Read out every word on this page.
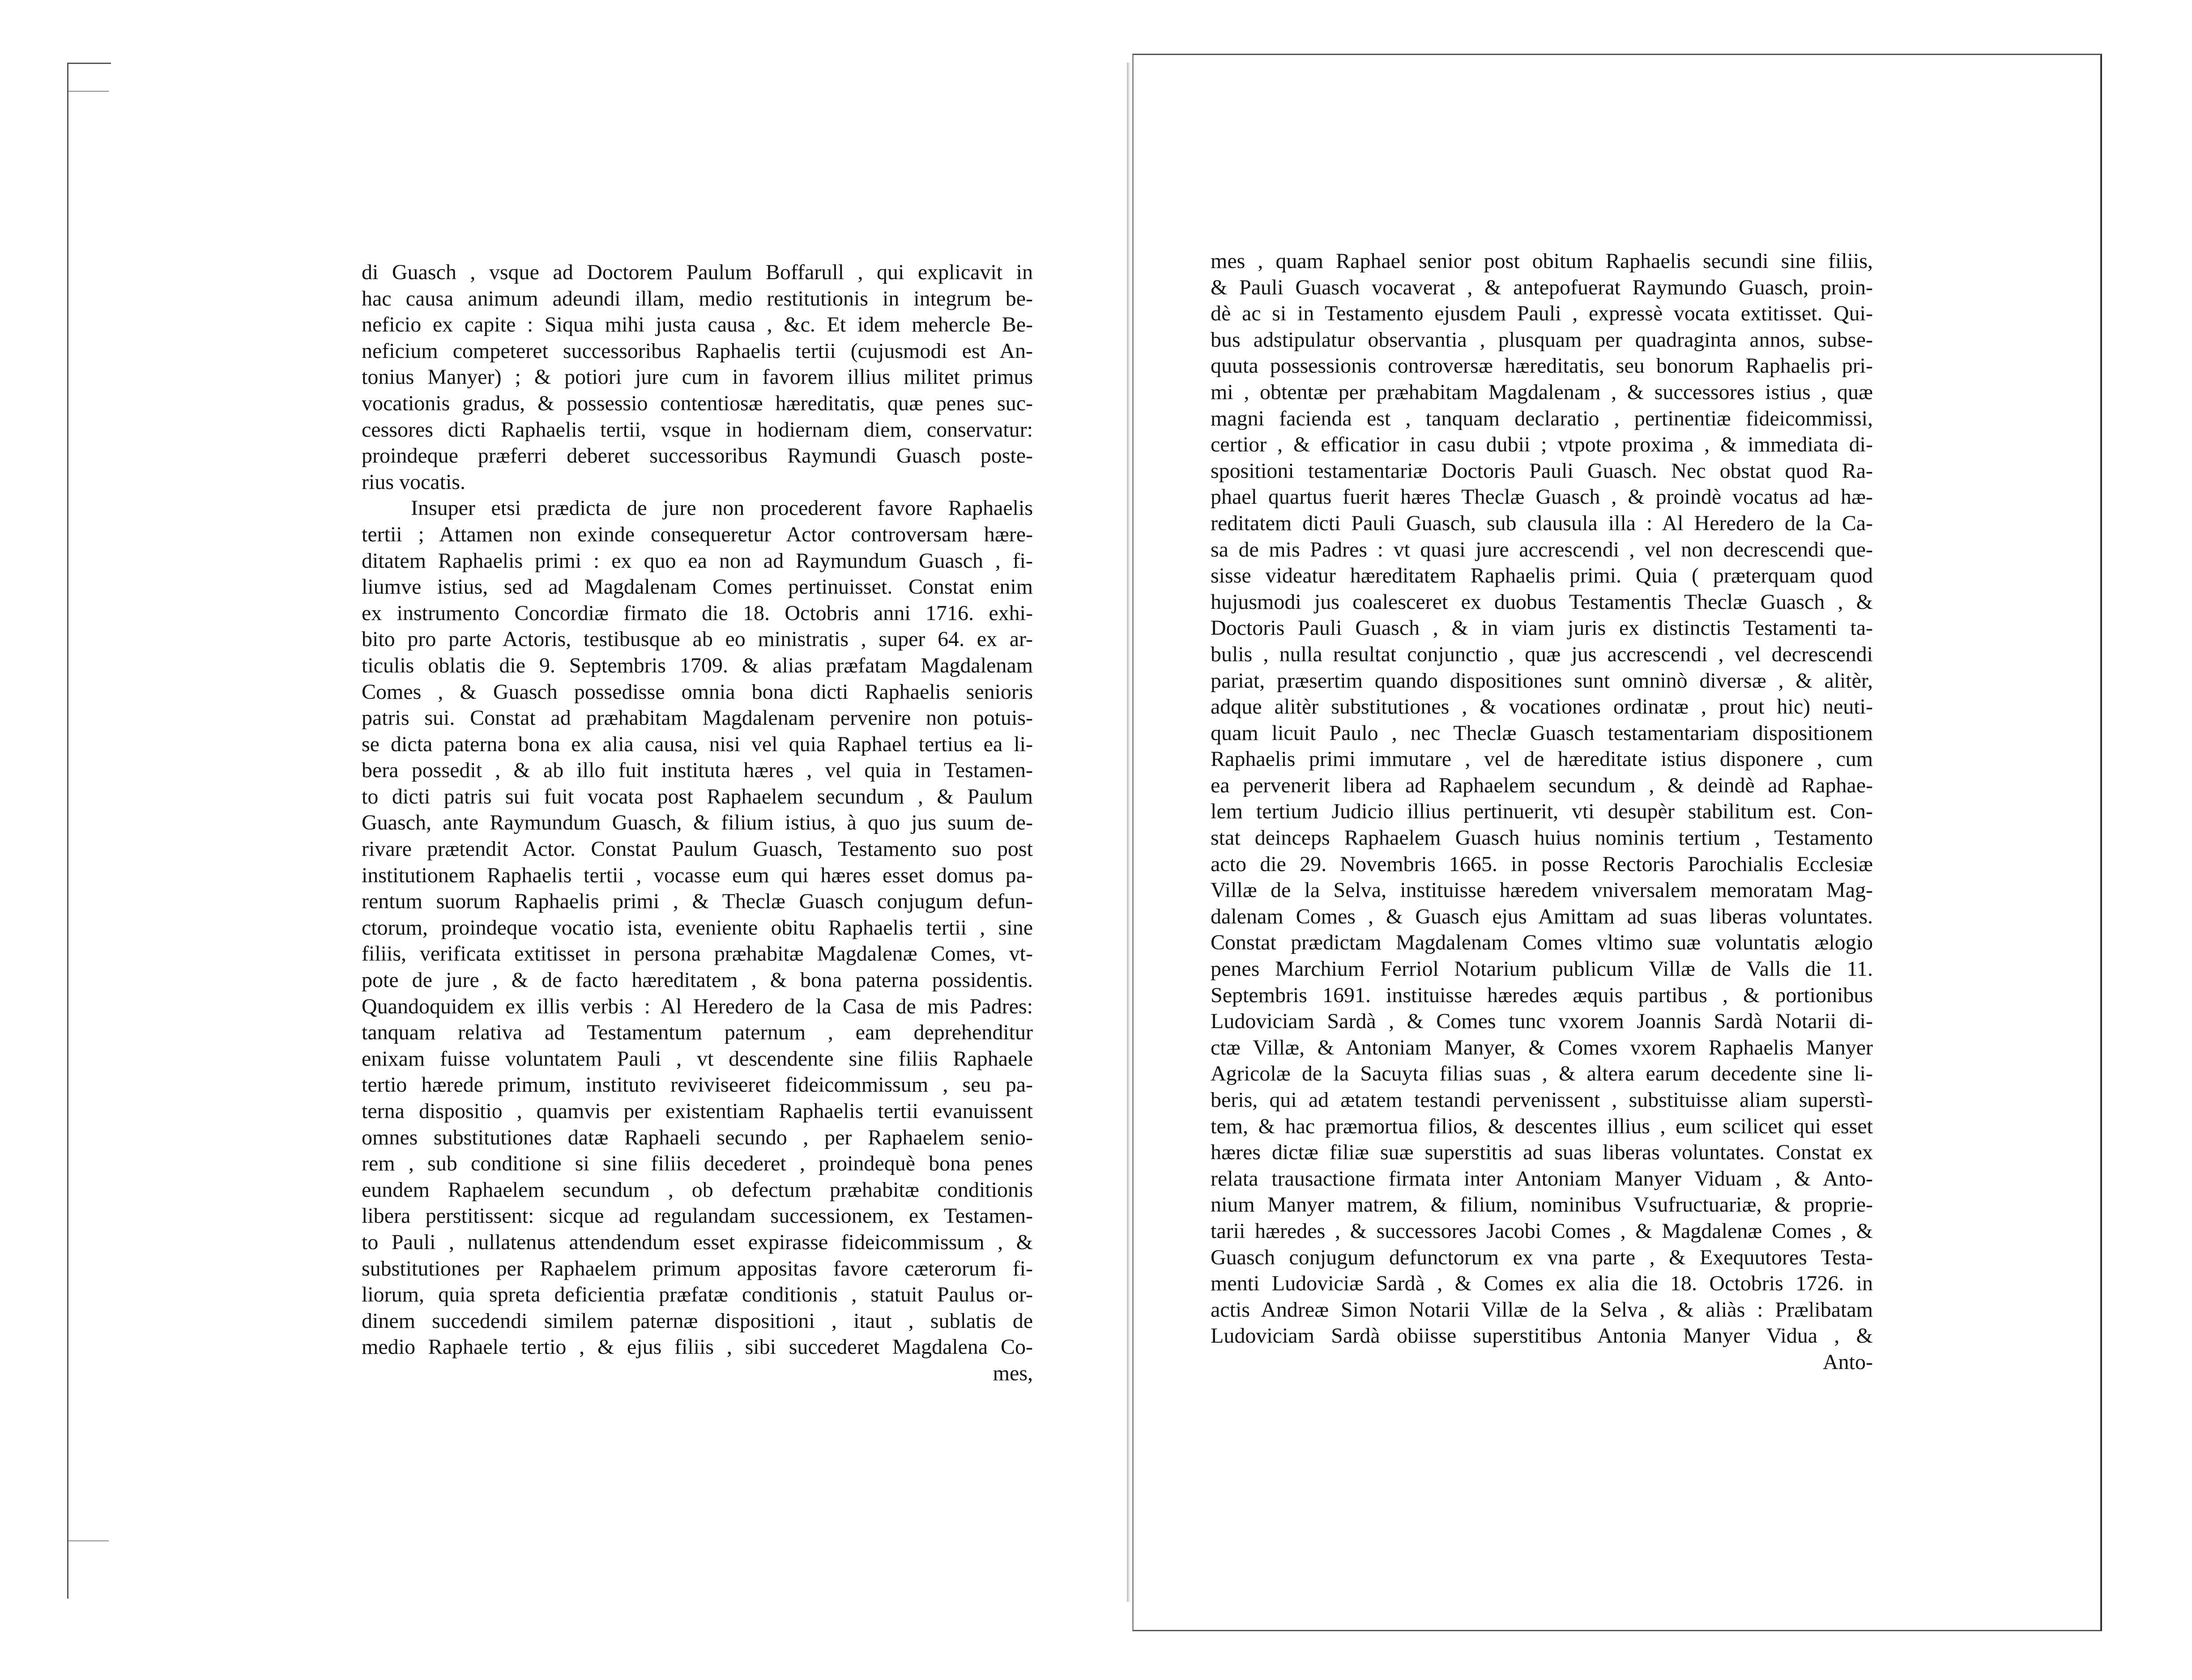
di Guasch , vsque ad Doctorem Paulum Boffarull , qui explicavit in
hac causa animum adeundi illam, medio restitutionis in integrum be-
neficio ex capite : Siqua mihi justa causa , &c. Et idem mehercle Be-
neficium competeret successoribus Raphaelis tertii (cujusmodi est An-
tonius Manyer) ; & potiori jure cum in favorem illius militet primus
vocationis gradus, & possessio contentiosæ hæreditatis, quæ penes suc-
cessores dicti Raphaelis tertii, vsque in hodiernam diem, conservatur:
proindeque præferri deberet successoribus Raymundi Guasch poste-
rius vocatis.
Insuper etsi prædicta de jure non procederent favore Raphaelis
tertii ; Attamen non exinde consequeretur Actor controversam hære-
ditatem Raphaelis primi : ex quo ea non ad Raymundum Guasch , fi-
liumve istius, sed ad Magdalenam Comes pertinuisset. Constat enim
ex instrumento Concordiæ firmato die 18. Octobris anni 1716. exhi-
bito pro parte Actoris, testibusque ab eo ministratis , super 64. ex ar-
ticulis oblatis die 9. Septembris 1709. & alias præfatam Magdalenam
Comes , & Guasch possedisse omnia bona dicti Raphaelis senioris
patris sui. Constat ad præhabitam Magdalenam pervenire non potuis-
se dicta paterna bona ex alia causa, nisi vel quia Raphael tertius ea li-
bera possedit , & ab illo fuit instituta hæres , vel quia in Testamen-
to dicti patris sui fuit vocata post Raphaelem secundum , & Paulum
Guasch, ante Raymundum Guasch, & filium istius, à quo jus suum de-
rivare prætendit Actor. Constat Paulum Guasch, Testamento suo post
institutionem Raphaelis tertii , vocasse eum qui hæres esset domus pa-
rentum suorum Raphaelis primi , & Theclæ Guasch conjugum defun-
ctorum, proindeque vocatio ista, eveniente obitu Raphaelis tertii , sine
filiis, verificata extitisset in persona præhabitæ Magdalenæ Comes, vt-
pote de jure , & de facto hæreditatem , & bona paterna possidentis.
Quandoquidem ex illis verbis : Al Heredero de la Casa de mis Padres:
tanquam relativa ad Testamentum paternum , eam deprehenditur
enixam fuisse voluntatem Pauli , vt descendente sine filiis Raphaele
tertio hærede primum, instituto reviviseeret fideicommissum , seu pa-
terna dispositio , quamvis per existentiam Raphaelis tertii evanuissent
omnes substitutiones datæ Raphaeli secundo , per Raphaelem senio-
rem , sub conditione si sine filiis decederet , proindequè bona penes
eundem Raphaelem secundum , ob defectum præhabitæ conditionis
libera perstitissent: sicque ad regulandam successionem, ex Testamen-
to Pauli , nullatenus attendendum esset expirasse fideicommissum , &
substitutiones per Raphaelem primum appositas favore cæterorum fi-
liorum, quia spreta deficientia præfatæ conditionis , statuit Paulus or-
dinem succedendi similem paternæ dispositioni , itaut , sublatis de
medio Raphaele tertio , & ejus filiis , sibi succederet Magdalena Co-
mes,
mes , quam Raphael senior post obitum Raphaelis secundi sine filiis,
& Pauli Guasch vocaverat , & antepofuerat Raymundo Guasch, proin-
dè ac si in Testamento ejusdem Pauli , expressè vocata extitisset. Qui-
bus adstipulatur observantia , plusquam per quadraginta annos, subse-
quuta possessionis controversæ hæreditatis, seu bonorum Raphaelis pri-
mi , obtentæ per præhabitam Magdalenam , & successores istius , quæ
magni facienda est , tanquam declaratio , pertinentiæ fideicommissi,
certior , & efficatior in casu dubii ; vtpote proxima , & immediata di-
spositioni testamentariæ Doctoris Pauli Guasch. Nec obstat quod Ra-
phael quartus fuerit hæres Theclæ Guasch , & proindè vocatus ad hæ-
reditatem dicti Pauli Guasch, sub clausula illa : Al Heredero de la Ca-
sa de mis Padres : vt quasi jure accrescendi , vel non decrescendi que-
sisse videatur hæreditatem Raphaelis primi. Quia ( præterquam quod
hujusmodi jus coalesceret ex duobus Testamentis Theclæ Guasch , &
Doctoris Pauli Guasch , & in viam juris ex distinctis Testamenti ta-
bulis , nulla resultat conjunctio , quæ jus accrescendi , vel decrescendi
pariat, præsertim quando dispositiones sunt omninò diversæ , & alitèr,
adque alitèr substitutiones , & vocationes ordinatæ , prout hic) neuti-
quam licuit Paulo , nec Theclæ Guasch testamentariam dispositionem
Raphaelis primi immutare , vel de hæreditate istius disponere , cum
ea pervenerit libera ad Raphaelem secundum , & deindè ad Raphae-
lem tertium Judicio illius pertinuerit, vti desupèr stabilitum est. Con-
stat deinceps Raphaelem Guasch huius nominis tertium , Testamento
acto die 29. Novembris 1665. in posse Rectoris Parochialis Ecclesiæ
Villæ de la Selva, instituisse hæredem vniversalem memoratam Mag-
dalenam Comes , & Guasch ejus Amittam ad suas liberas voluntates.
Constat prædictam Magdalenam Comes vltimo suæ voluntatis ælogio
penes Marchium Ferriol Notarium publicum Villæ de Valls die 11.
Septembris 1691. instituisse hæredes æquis partibus , & portionibus
Ludoviciam Sardà , & Comes tunc vxorem Joannis Sardà Notarii di-
ctæ Villæ, & Antoniam Manyer, & Comes vxorem Raphaelis Manyer
Agricolæ de la Sacuyta filias suas , & altera earum decedente sine li-
beris, qui ad ætatem testandi pervenissent , substituisse aliam superstì-
tem, & hac præmortua filios, & descentes illius , eum scilicet qui esset
hæres dictæ filiæ suæ superstitis ad suas liberas voluntates. Constat ex
relata trausactione firmata inter Antoniam Manyer Viduam , & Anto-
nium Manyer matrem, & filium, nominibus Vsufructuariæ, & proprie-
tarii hæredes , & successores Jacobi Comes , & Magdalenæ Comes , &
Guasch conjugum defunctorum ex vna parte , & Exequutores Testa-
menti Ludoviciæ Sardà , & Comes ex alia die 18. Octobris 1726. in
actis Andreæ Simon Notarii Villæ de la Selva , & aliàs : Prælibatam
Ludoviciam Sardà obiisse superstitibus Antonia Manyer Vidua , &
Anto-
